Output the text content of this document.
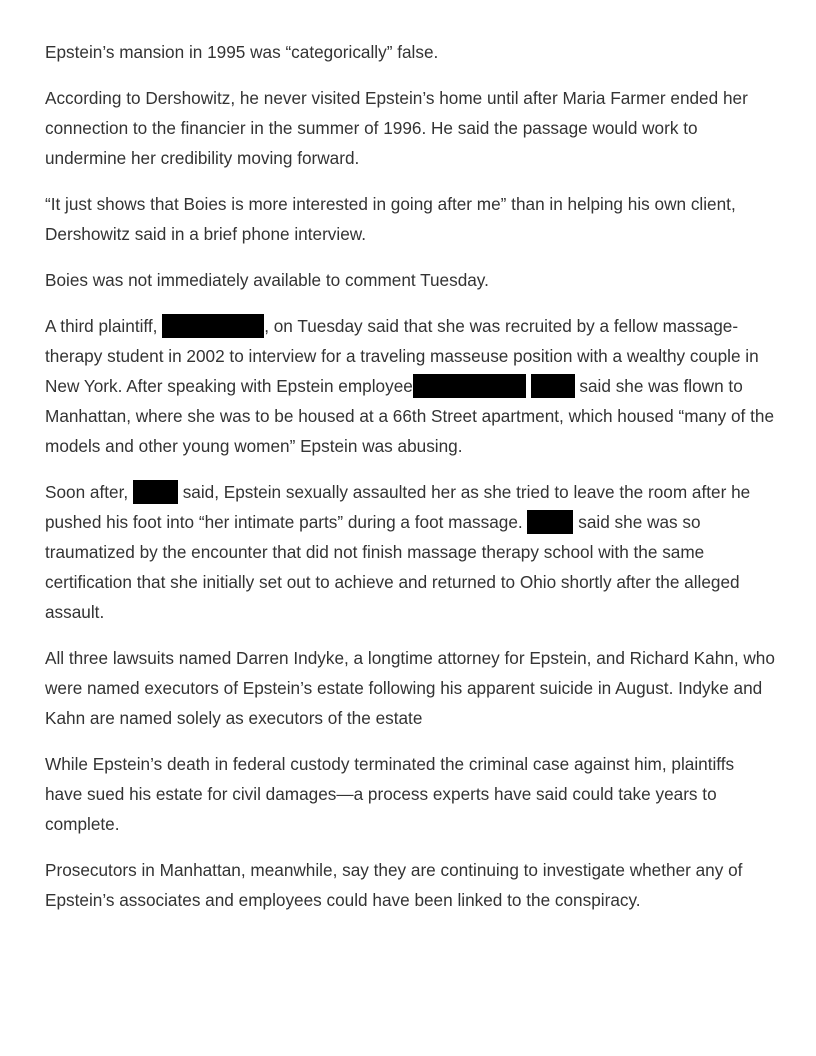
Epstein’s mansion in 1995 was “categorically” false.

According to Dershowitz, he never visited Epstein’s home until after Maria Farmer ended her connection to the financier in the summer of 1996. He said the passage would work to undermine her credibility moving forward.

“It just shows that Boies is more interested in going after me” than in helping his own client, Dershowitz said in a brief phone interview.

Boies was not immediately available to comment Tuesday.

A third plaintiff,	, on Tuesday said that she was recruited by a fellow massage-therapy student in 2002 to interview for a traveling masseuse position with a wealthy couple in New York. After speaking with Epstein employee	said she was flown to Manhattan, where she was to be housed at a 66th Street apartment, which housed “many of the models and other young women” Epstein was abusing.

Soon after,	said, Epstein sexually assaulted her as she tried to leave the room after he pushed his foot into “her intimate parts” during a foot massage.	said she was so traumatized by the encounter that did not finish massage therapy school with the same certification that she initially set out to achieve and returned to Ohio shortly after the alleged assault.

All three lawsuits named Darren Indyke, a longtime attorney for Epstein, and Richard Kahn, who were named executors of Epstein’s estate following his apparent suicide in August. Indyke and Kahn are named solely as executors of the estate

While Epstein’s death in federal custody terminated the criminal case against him, plaintiffs have sued his estate for civil damages—a process experts have said could take years to complete.

Prosecutors in Manhattan, meanwhile, say they are continuing to investigate whether any of Epstein’s associates and employees could have been linked to the conspiracy.
